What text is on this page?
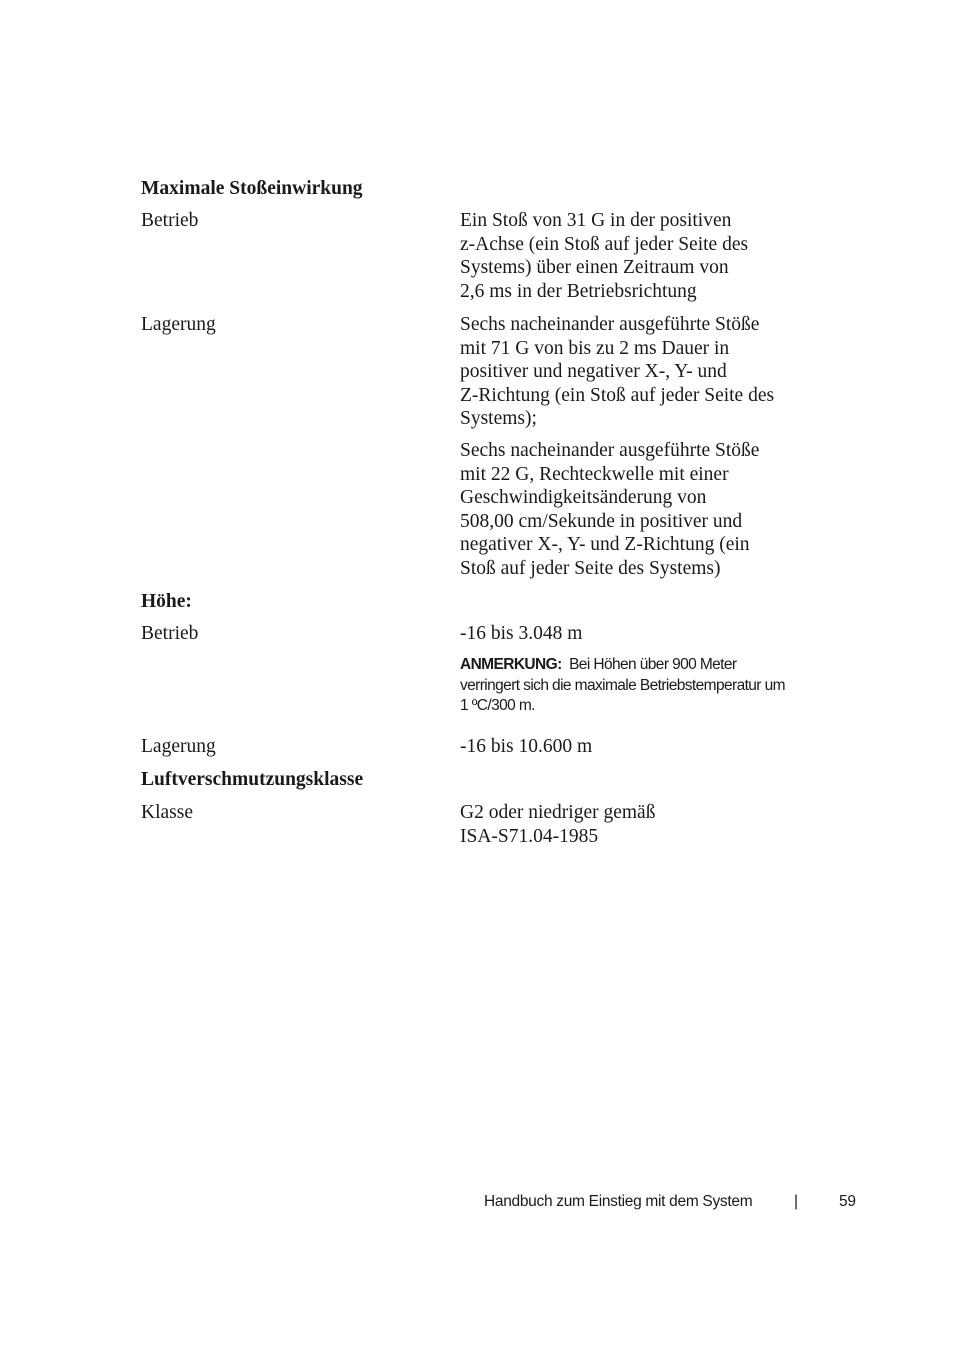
Maximale Stoßeinwirkung

Betrieb	Ein Stoß von 31 G in der positiven
z-Achse (ein Stoß auf jeder Seite des
Systems) über einen Zeitraum von
2,6 ms in der Betriebsrichtung

Lagerung	Sechs nacheinander ausgeführte Stöße
mit 71 G von bis zu 2 ms Dauer in
positiver und negativer X-, Y- und
Z-Richtung (ein Stoß auf jeder Seite des
Systems);

Sechs nacheinander ausgeführte Stöße
mit 22 G, Rechteckwelle mit einer
Geschwindigkeitsänderung von
508,00 cm/Sekunde in positiver und
negativer X-, Y- und Z-Richtung (ein
Stoß auf jeder Seite des Systems)

Höhe:

Betrieb	-16 bis 3.048 m

ANMERKUNG: Bei Höhen über 900 Meter
verringert sich die maximale Betriebstemperatur um
1 ºC/300 m.

Lagerung	-16 bis 10.600 m

Luftverschmutzungsklasse

Klasse	G2 oder niedriger gemäß
ISA-S71.04-1985

Handbuch zum Einstieg mit dem System	|	59
